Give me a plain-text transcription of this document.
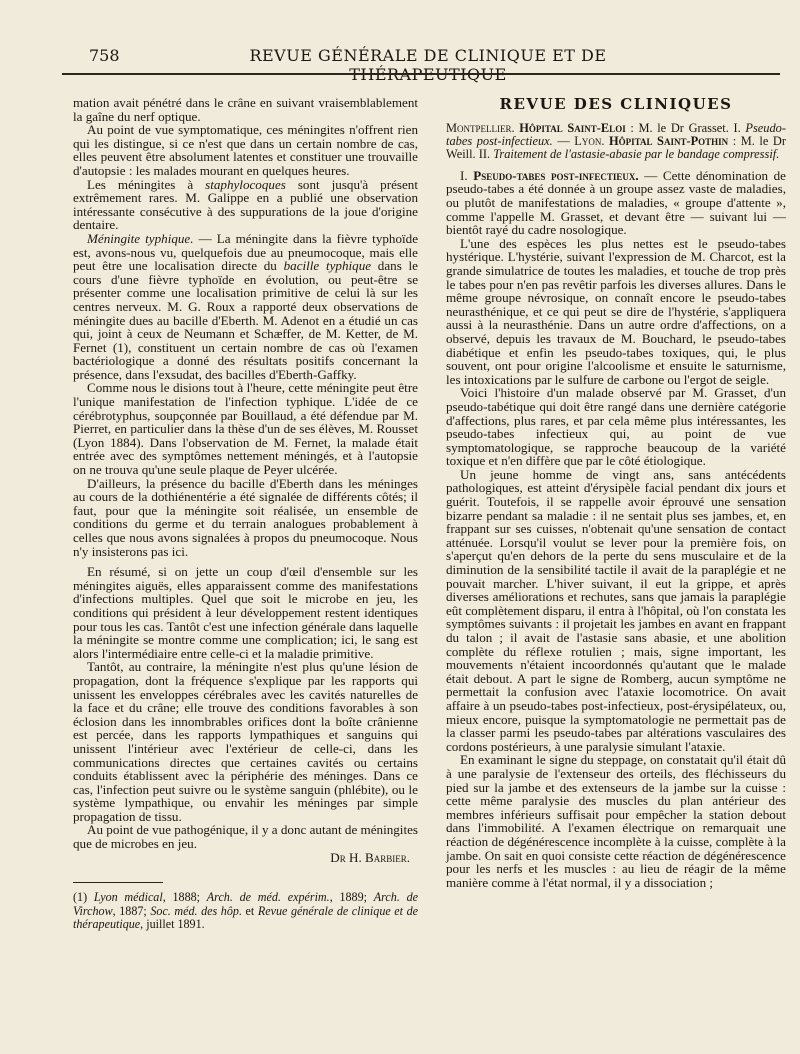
758	REVUE GÉNÉRALE DE CLINIQUE ET DE

mation avait pénétré dans le crâne en suivant vraisemblablement la gaîne du nerf optique.

Au point de vue symptomatique, ces méningites n'offrent rien qui les distingue, si ce n'est que dans un certain nombre de cas, elles peuvent être absolument latentes et constituer une trouvaille d'autopsie : les malades mourant en quelques heures.

Les méningites à staphylocoques sont jusqu'à présent extrêmement rares. M. Galippe en a publié une observation intéressante consécutive à des suppurations de la joue d'origine dentaire.

Méningite typhique. — La méningite dans la fièvre typhoïde est, avons-nous vu, quelquefois due au pneumocoque, mais elle peut être une localisation directe du bacille typhique dans le cours d'une fièvre typhoïde en évolution, ou peut-être se présenter comme une localisation primitive de celui là sur les centres nerveux. M. G. Roux a rapporté deux observations de méningite dues au bacille d'Eberth. M. Adenot en a étudié un cas qui, joint à ceux de Neumann et Schæffer, de M. Ketter, de M. Fernet (1), constituent un certain nombre de cas où l'examen bactériologique a donné des résultats positifs concernant la présence, dans l'exsudat, des bacilles d'Eberth-Gaffky.

Comme nous le disions tout à l'heure, cette méningite peut être l'unique manifestation de l'infection typhique. L'idée de ce cérébrotyphus, soupçonnée par Bouillaud, a été défendue par M. Pierret, en particulier dans la thèse d'un de ses élèves, M. Rousset (Lyon 1884). Dans l'observation de M. Fernet, la malade était entrée avec des symptômes nettement méningés, et à l'autopsie on ne trouva qu'une seule plaque de Peyer ulcérée.

D'ailleurs, la présence du bacille d'Eberth dans les méninges au cours de la dothiénentérie a été signalée de différents côtés; il faut, pour que la méningite soit réalisée, un ensemble de conditions du germe et du terrain analogues probablement à celles que nous avons signalées à propos du pneumocoque. Nous n'y insisterons pas ici.

En résumé, si on jette un coup d'œil d'ensemble sur les méningites aiguës, elles apparaissent comme des manifestations d'infections multiples. Quel que soit le microbe en jeu, les conditions qui président à leur développement restent identiques pour tous les cas. Tantôt c'est une infection générale dans laquelle la méningite se montre comme une complication; ici, le sang est alors l'intermédiaire entre celle-ci et la maladie primitive.

Tantôt, au contraire, la méningite n'est plus qu'une lésion de propagation, dont la fréquence s'explique par les rapports qui unissent les enveloppes cérébrales avec les cavités naturelles de la face et du crâne; elle trouve des conditions favorables à son éclosion dans les innombrables orifices dont la boîte crânienne est percée, dans les rapports lympathiques et sanguins qui unissent l'intérieur avec l'extérieur de celle-ci, dans les communications directes que certaines cavités ou certains conduits établissent avec la périphérie des méninges. Dans ce cas, l'infection peut suivre ou le système sanguin (phlébite), ou le système lympathique, ou envahir les méninges par simple propagation de tissu.

Au point de vue pathogénique, il y a donc autant de méningites que de microbes en jeu.

Dr H. Barbier.

(1) Lyon médical, 1888; Arch. de méd. expérim., 1889; Arch. de Virchow, 1887; Soc. méd. des hôp. et Revue générale de clinique et de thérapeutique, juillet 1891.

REVUE DES CLINIQUES

Montpellier. Hôpital Saint-Eloi : M. le Dr Grasset. I. Pseudo-tabes post-infectieux. — Lyon. Hôpital Saint-Pothin : M. le Dr Weill. II. Traitement de l'astasie-abasie par le bandage compressif.

I. Pseudo-tabes post-infectieux. — Cette dénomination de pseudo-tabes a été donnée à un groupe assez vaste de maladies, ou plutôt de manifestations de maladies, « groupe d'attente », comme l'appelle M. Grasset, et devant être — suivant lui — bientôt rayé du cadre nosologique.

L'une des espèces les plus nettes est le pseudo-tabes hystérique. L'hystérie, suivant l'expression de M. Charcot, est la grande simulatrice de toutes les maladies, et touche de trop près le tabes pour n'en pas revêtir parfois les diverses allures. Dans le même groupe névrosique, on connaît encore le pseudo-tabes neurasthénique, et ce qui peut se dire de l'hystérie, s'appliquera aussi à la neurasthénie. Dans un autre ordre d'affections, on a observé, depuis les travaux de M. Bouchard, le pseudo-tabes diabétique et enfin les pseudo-tabes toxiques, qui, le plus souvent, ont pour origine l'alcoolisme et ensuite le saturnisme, les intoxications par le sulfure de carbone ou l'ergot de seigle.

Voici l'histoire d'un malade observé par M. Grasset, d'un pseudo-tabétique qui doit être rangé dans une dernière catégorie d'affections, plus rares, et par cela même plus intéressantes, les pseudo-tabes infectieux qui, au point de vue symptomatologique, se rapproche beaucoup de la variété toxique et n'en diffère que par le côté étiologique.

Un jeune homme de vingt ans, sans antécédents pathologiques, est atteint d'érysipèle facial pendant dix jours et guérit. Toutefois, il se rappelle avoir éprouvé une sensation bizarre pendant sa maladie : il ne sentait plus ses jambes, et, en frappant sur ses cuisses, n'obtenait qu'une sensation de contact atténuée. Lorsqu'il voulut se lever pour la première fois, on s'aperçut qu'en dehors de la perte du sens musculaire et de la diminution de la sensibilité tactile il avait de la paraplégie et ne pouvait marcher. L'hiver suivant, il eut la grippe, et après diverses améliorations et rechutes, sans que jamais la paraplégie eût complètement disparu, il entra à l'hôpital, où l'on constata les symptômes suivants : il projetait les jambes en avant en frappant du talon ; il avait de l'astasie sans abasie, et une abolition complète du réflexe rotulien ; mais, signe important, les mouvements n'étaient incoordonnés qu'autant que le malade était debout. A part le signe de Romberg, aucun symptôme ne permettait la confusion avec l'ataxie locomotrice. On avait affaire à un pseudo-tabes post-infectieux, post-érysipélateux, ou, mieux encore, puisque la symptomatologie ne permettait pas de la classer parmi les pseudo-tabes par altérations vasculaires des cordons postérieurs, à une paralysie simulant l'ataxie.

En examinant le signe du steppage, on constatait qu'il était dû à une paralysie de l'extenseur des orteils, des fléchisseurs du pied sur la jambe et des extenseurs de la jambe sur la cuisse : cette même paralysie des muscles du plan antérieur des membres inférieurs suffisait pour empêcher la station debout dans l'immobilité. A l'examen électrique on remarquait une réaction de dégénérescence incomplète à la cuisse, complète à la jambe. On sait en quoi consiste cette réaction de dégénérescence pour les nerfs et les muscles : au lieu de réagir de la même manière comme à l'état normal, il y a dissociation ;
